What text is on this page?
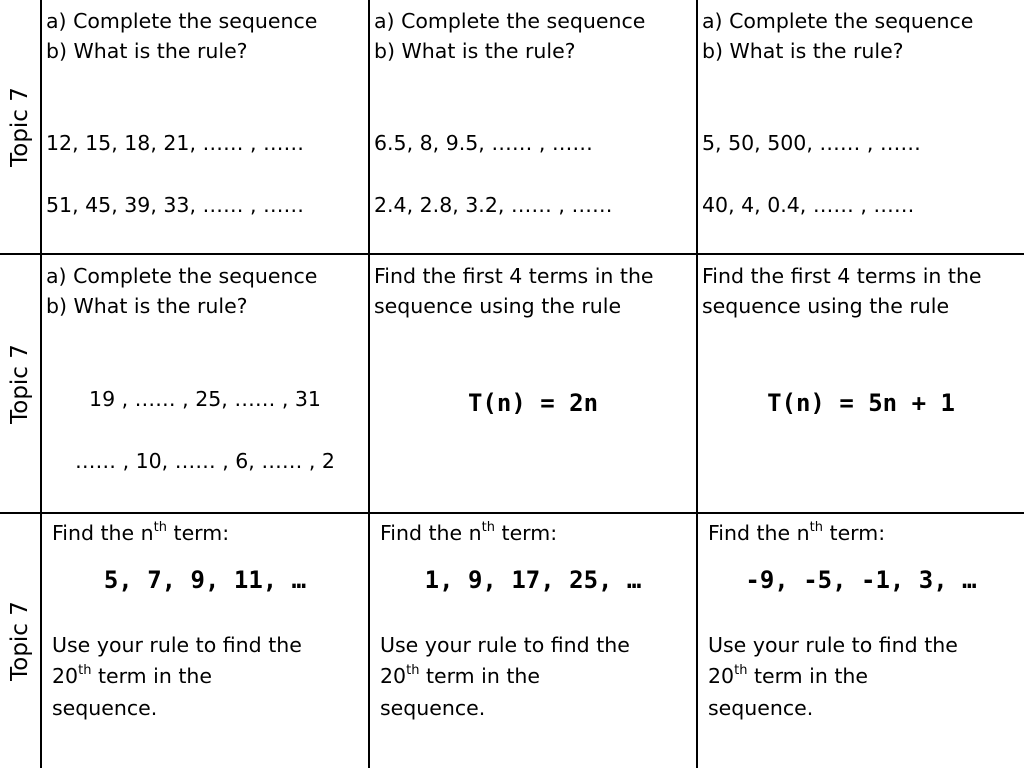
Topic 7
Topic 7
Topic 7
a) Complete the sequence
b) What is the rule?
12, 15, 18, 21, …… , ……
51, 45, 39, 33, …… , ……
a) Complete the sequence
b) What is the rule?
6.5, 8, 9.5, …… , ……
2.4, 2.8, 3.2, …… , ……
a) Complete the sequence
b) What is the rule?
5, 50, 500, …… , ……
40, 4, 0.4, …… , ……
a) Complete the sequence
b) What is the rule?
19 , …… , 25, …… , 31
…… , 10, …… , 6, …… , 2
Find the first 4 terms in the sequence using the rule
T(n) = 2n
Find the first 4 terms in the sequence using the rule
T(n) = 5n + 1
Find the $n^{th}$ term:
5, 7, 9, 11, …
Use your rule to find the
20th term in the
sequence.
Find the $n^{th}$ term:
1, 9, 17, 25, …
Use your rule to find the
20th term in the
sequence.
Find the $n^{th}$ term:
-9, -5, -1, 3, …
Use your rule to find the
20th term in the
sequence.
